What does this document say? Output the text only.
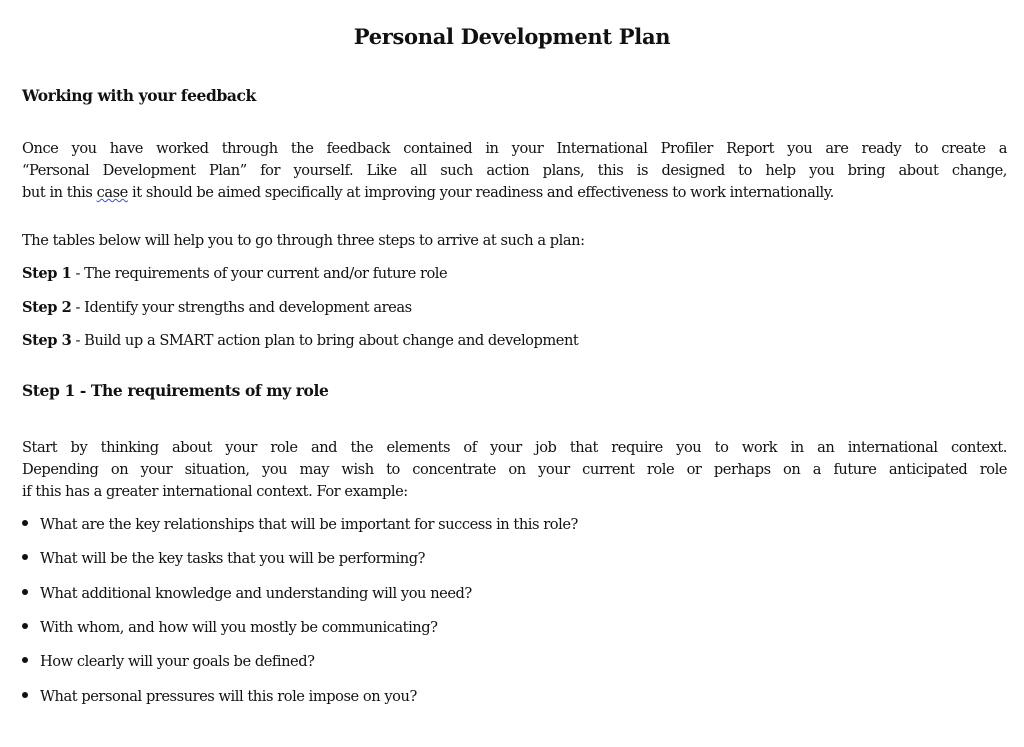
Personal Development Plan
Working with your feedback
Once you have worked through the feedback contained in your International Profiler Report you are ready to create a
“Personal Development Plan” for yourself. Like all such action plans, this is designed to help you bring about change,
but in this case it should be aimed specifically at improving your readiness and effectiveness to work internationally.
The tables below will help you to go through three steps to arrive at such a plan:
Step 1 - The requirements of your current and/or future role
Step 2 - Identify your strengths and development areas
Step 3 - Build up a SMART action plan to bring about change and development
Step 1 - The requirements of my role
Start by thinking about your role and the elements of your job that require you to work in an international context.
Depending on your situation, you may wish to concentrate on your current role or perhaps on a future anticipated role
if this has a greater international context. For example:
What are the key relationships that will be important for success in this role?
What will be the key tasks that you will be performing?
What additional knowledge and understanding will you need?
With whom, and how will you mostly be communicating?
How clearly will your goals be defined?
What personal pressures will this role impose on you?
